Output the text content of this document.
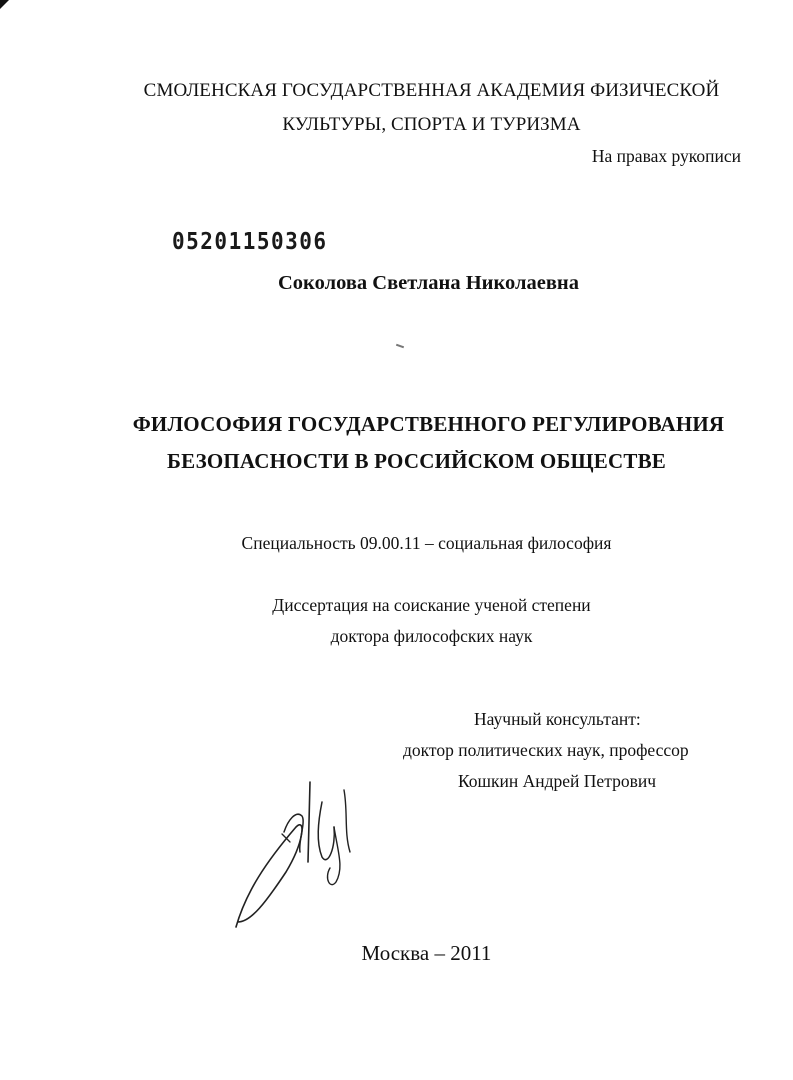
СМОЛЕНСКАЯ ГОСУДАРСТВЕННАЯ АКАДЕМИЯ ФИЗИЧЕСКОЙ
КУЛЬТУРЫ, СПОРТА И ТУРИЗМА
На правах рукописи
05201150306
Соколова Светлана Николаевна
ФИЛОСОФИЯ ГОСУДАРСТВЕННОГО РЕГУЛИРОВАНИЯ
БЕЗОПАСНОСТИ В РОССИЙСКОМ ОБЩЕСТВЕ
Специальность 09.00.11 – социальная философия
Диссертация на соискание ученой степени
доктора философских наук
Научный консультант:
доктор политических наук, профессор
Кошкин Андрей Петрович
Москва – 2011
